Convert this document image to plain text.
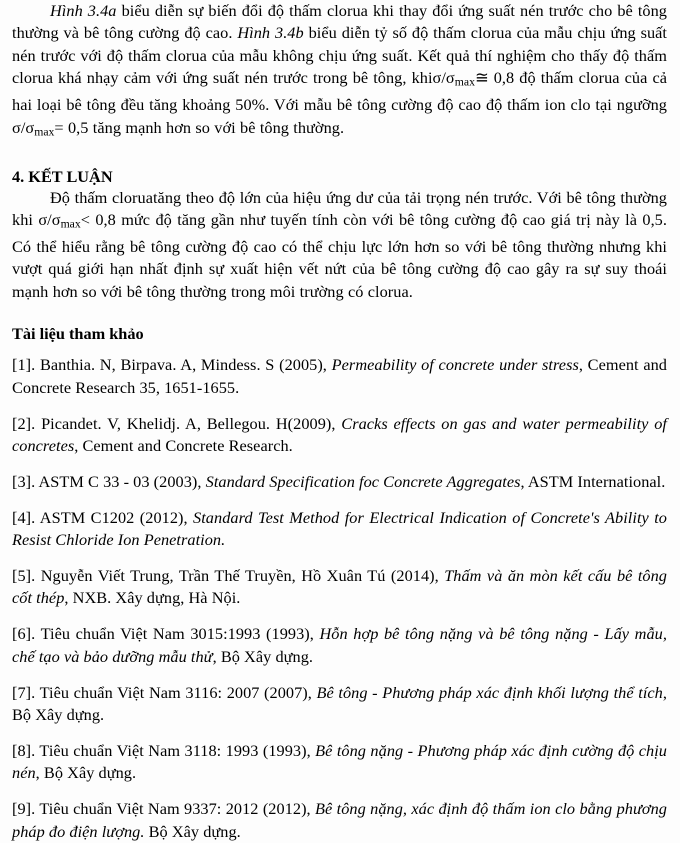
Hình 3.4a biểu diễn sự biến đổi độ thấm clorua khi thay đổi ứng suất nén trước cho bê tông thường và bê tông cường độ cao. Hình 3.4b biểu diễn tỷ số độ thấm clorua của mẫu chịu ứng suất nén trước với độ thấm clorua của mẫu không chịu ứng suất. Kết quả thí nghiệm cho thấy độ thấm clorua khá nhạy cảm với ứng suất nén trước trong bê tông, khiσ/$\sigma_{max}≅$ 0,8 độ thấm clorua của cả hai loại bê tông đều tăng khoảng 50%. Với mẫu bê tông cường độ cao độ thấm ion clo tại ngưỡng $\sigma/\sigma_{max}= 0,5$ tăng mạnh hơn so với bê tông thường.

4. KẾT LUẬN

Độ thấm cloruatăng theo độ lớn của hiệu ứng dư của tải trọng nén trước. Với bê tông thường khi $\sigma/\sigma_{max}< 0,8$ mức độ tăng gần như tuyến tính còn với bê tông cường độ cao giá trị này là 0,5. Có thể hiểu rằng bê tông cường độ cao có thể chịu lực lớn hơn so với bê tông thường nhưng khi vượt quá giới hạn nhất định sự xuất hiện vết nứt của bê tông cường độ cao gây ra sự suy thoái mạnh hơn so với bê tông thường trong môi trường có clorua.

Tài liệu tham khảo

[1]. Banthia. N, Birpava. A, Mindess. S (2005), Permeability of concrete under stress, Cement and Concrete Research 35, 1651-1655.

[2]. Picandet. V, Khelidj. A, Bellegou. H(2009), Cracks effects on gas and water permeability of concretes, Cement and Concrete Research.

[3]. ASTM C 33 - 03 (2003), Standard Specification foc Concrete Aggregates, ASTM International.

[4]. ASTM C1202 (2012), Standard Test Method for Electrical Indication of Concrete's Ability to Resist Chloride Ion Penetration.

[5]. Nguyễn Viết Trung, Trần Thế Truyền, Hồ Xuân Tú (2014), Thấm và ăn mòn kết cấu bê tông cốt thép, NXB. Xây dựng, Hà Nội.

[6]. Tiêu chuẩn Việt Nam 3015:1993 (1993), Hỗn hợp bê tông nặng và bê tông nặng - Lấy mẫu, chế tạo và bảo dưỡng mẫu thử, Bộ Xây dựng.

[7]. Tiêu chuẩn Việt Nam 3116: 2007 (2007), Bê tông - Phương pháp xác định khối lượng thể tích, Bộ Xây dựng.

[8]. Tiêu chuẩn Việt Nam 3118: 1993 (1993), Bê tông nặng - Phương pháp xác định cường độ chịu nén, Bộ Xây dựng.

[9]. Tiêu chuẩn Việt Nam 9337: 2012 (2012), Bê tông nặng, xác định độ thấm ion clo bằng phương pháp đo điện lượng. Bộ Xây dựng.
